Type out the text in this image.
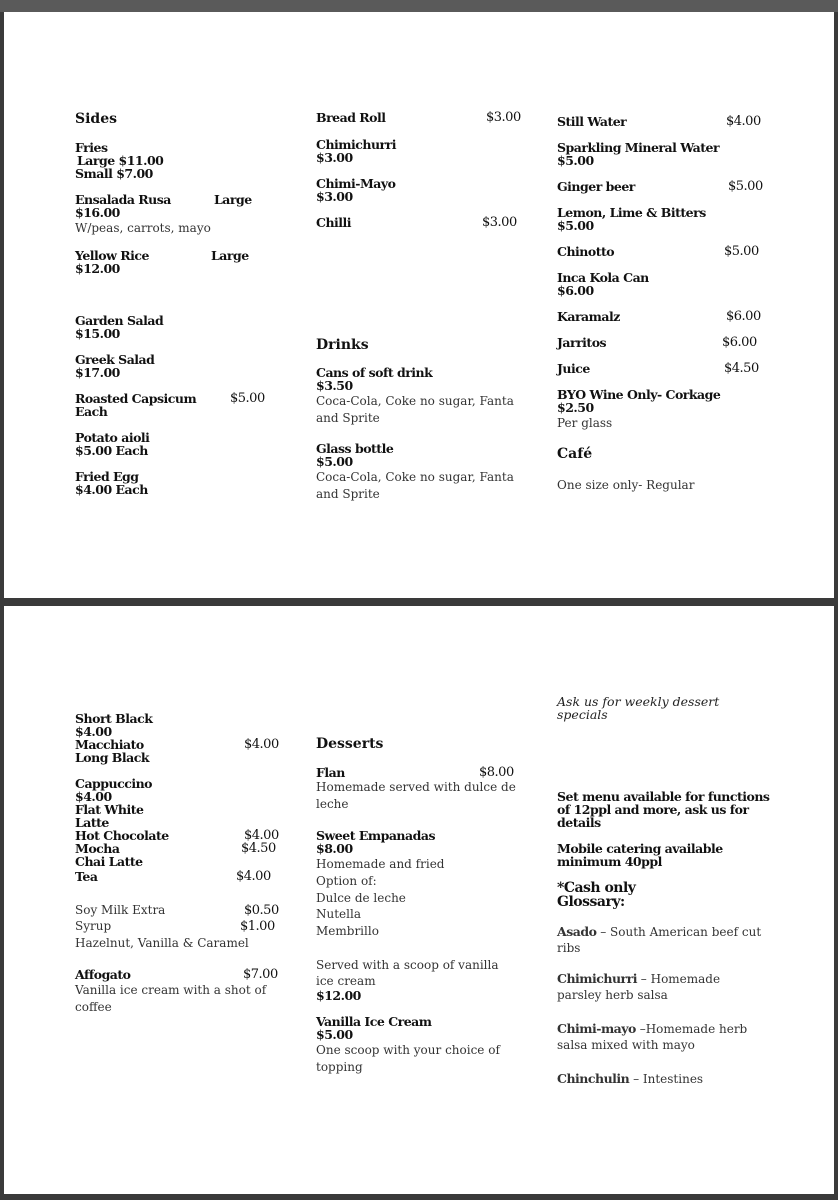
Sides
Fries
Large $11.00
Small $7.00
Ensalada Rusa	Large
$16.00
W/peas, carrots, mayo
Yellow Rice	Large
$12.00
Garden Salad
$15.00
Greek Salad
$17.00
Roasted Capsicum	$5.00
Each
Potato aioli
$5.00 Each
Fried Egg
$4.00 Each
Bread Roll	$3.00
Chimichurri
$3.00
Chimi-Mayo
$3.00
Chilli	$3.00
Drinks
Cans of soft drink
$3.50
Coca-Cola, Coke no sugar, Fanta
and Sprite
Glass bottle
$5.00
Coca-Cola, Coke no sugar, Fanta
and Sprite
Still Water	$4.00
Sparkling Mineral Water
$5.00
Ginger beer	$5.00
Lemon, Lime & Bitters
$5.00
Chinotto	$5.00
Inca Kola Can
$6.00
Karamalz	$6.00
Jarritos	$6.00
Juice	$4.50
BYO Wine Only- Corkage
$2.50
Per glass
Café
One size only- Regular
Short Black
$4.00
Macchiato	$4.00
Long Black
Cappuccino
$4.00
Flat White
Latte
Hot Chocolate	$4.00
Mocha	$4.50
Chai Latte
Tea	$4.00
Soy Milk Extra	$0.50
Syrup	$1.00
Hazelnut, Vanilla & Caramel
Affogato	$7.00
Vanilla ice cream with a shot of
coffee
Desserts
Flan	$8.00
Homemade served with dulce de
leche
Sweet Empanadas
$8.00
Homemade and fried
Option of:
Dulce de leche
Nutella
Membrillo
Served with a scoop of vanilla
ice cream
$12.00
Vanilla Ice Cream
$5.00
One scoop with your choice of
topping
Ask us for weekly dessert
specials
Set menu available for functions
of 12ppl and more, ask us for
details
Mobile catering available
minimum 40ppl
*Cash only
Glossary:
Asado – South American beef cut
ribs
Chimichurri – Homemade
parsley herb salsa
Chimi-mayo –Homemade herb
salsa mixed with mayo
Chinchulin – Intestines
